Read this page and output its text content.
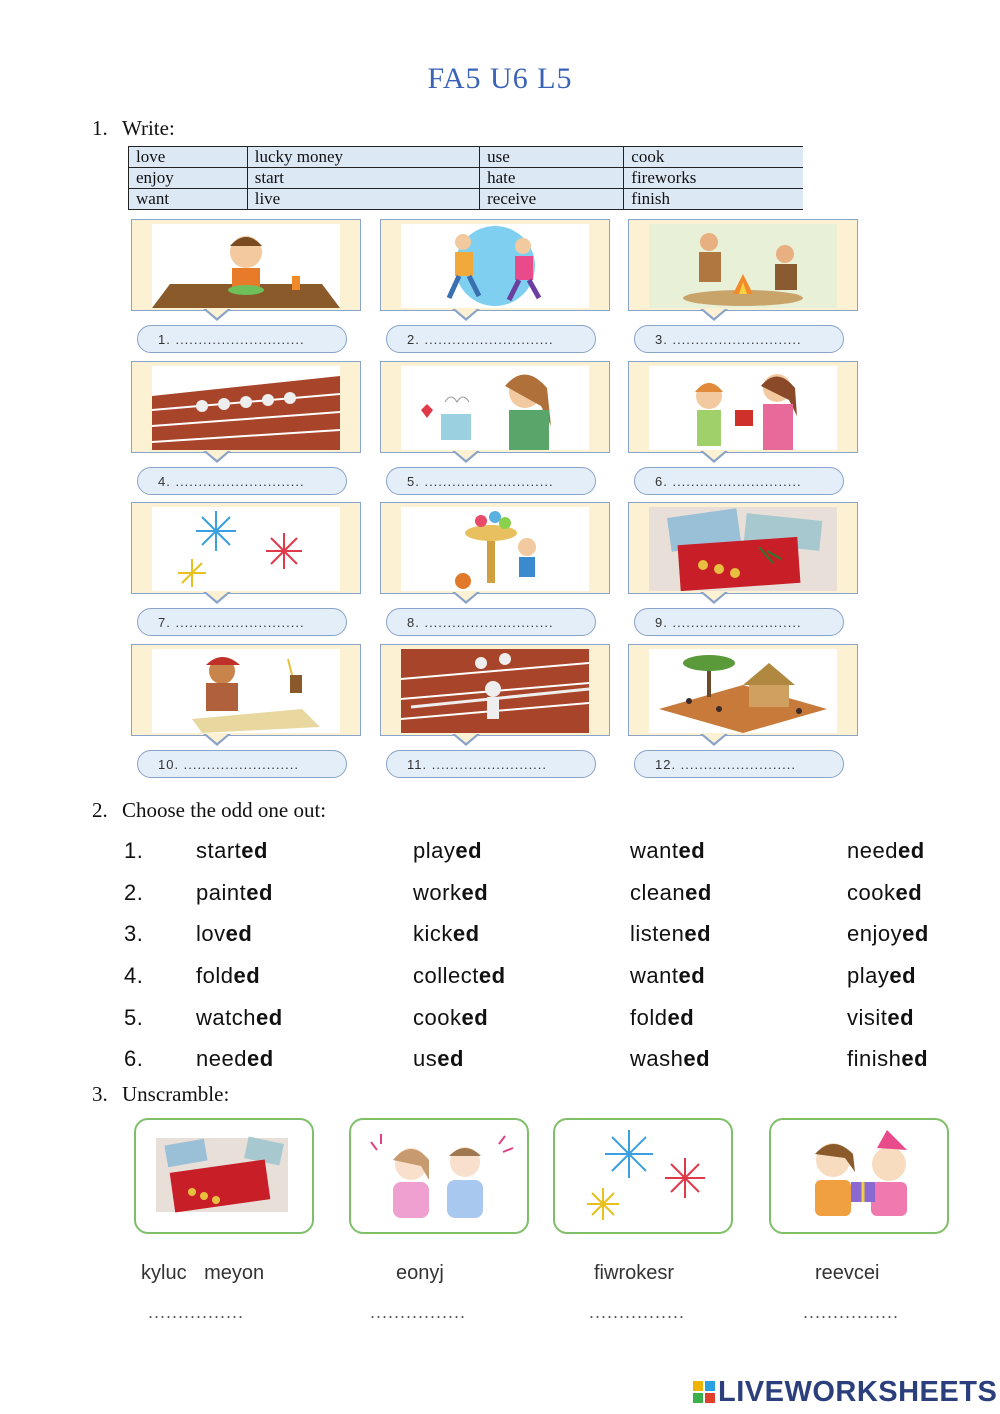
FA5 U6 L5
1. Write:
love	lucky money	use	cook
enjoy	start	hate	fireworks
want	live	receive	finish
1. ............................	2. ............................	3. ............................
4. ............................	5. ............................	6. ............................
7. ............................	8. ............................	9. ............................
10. .........................	11. .........................	12. .........................
2. Choose the odd one out:
1. started	played	wanted	needed
2. painted	worked	cleaned	cooked
3. loved	kicked	listened	enjoyed
4. folded	collected	wanted	played
5. watched	cooked	folded	visited
6. needed	used	washed	finished
3. Unscramble:
kyluc meyon	eonyj	fiwrokesr	reevcei
................	................	................	................
LIVEWORKSHEETS
